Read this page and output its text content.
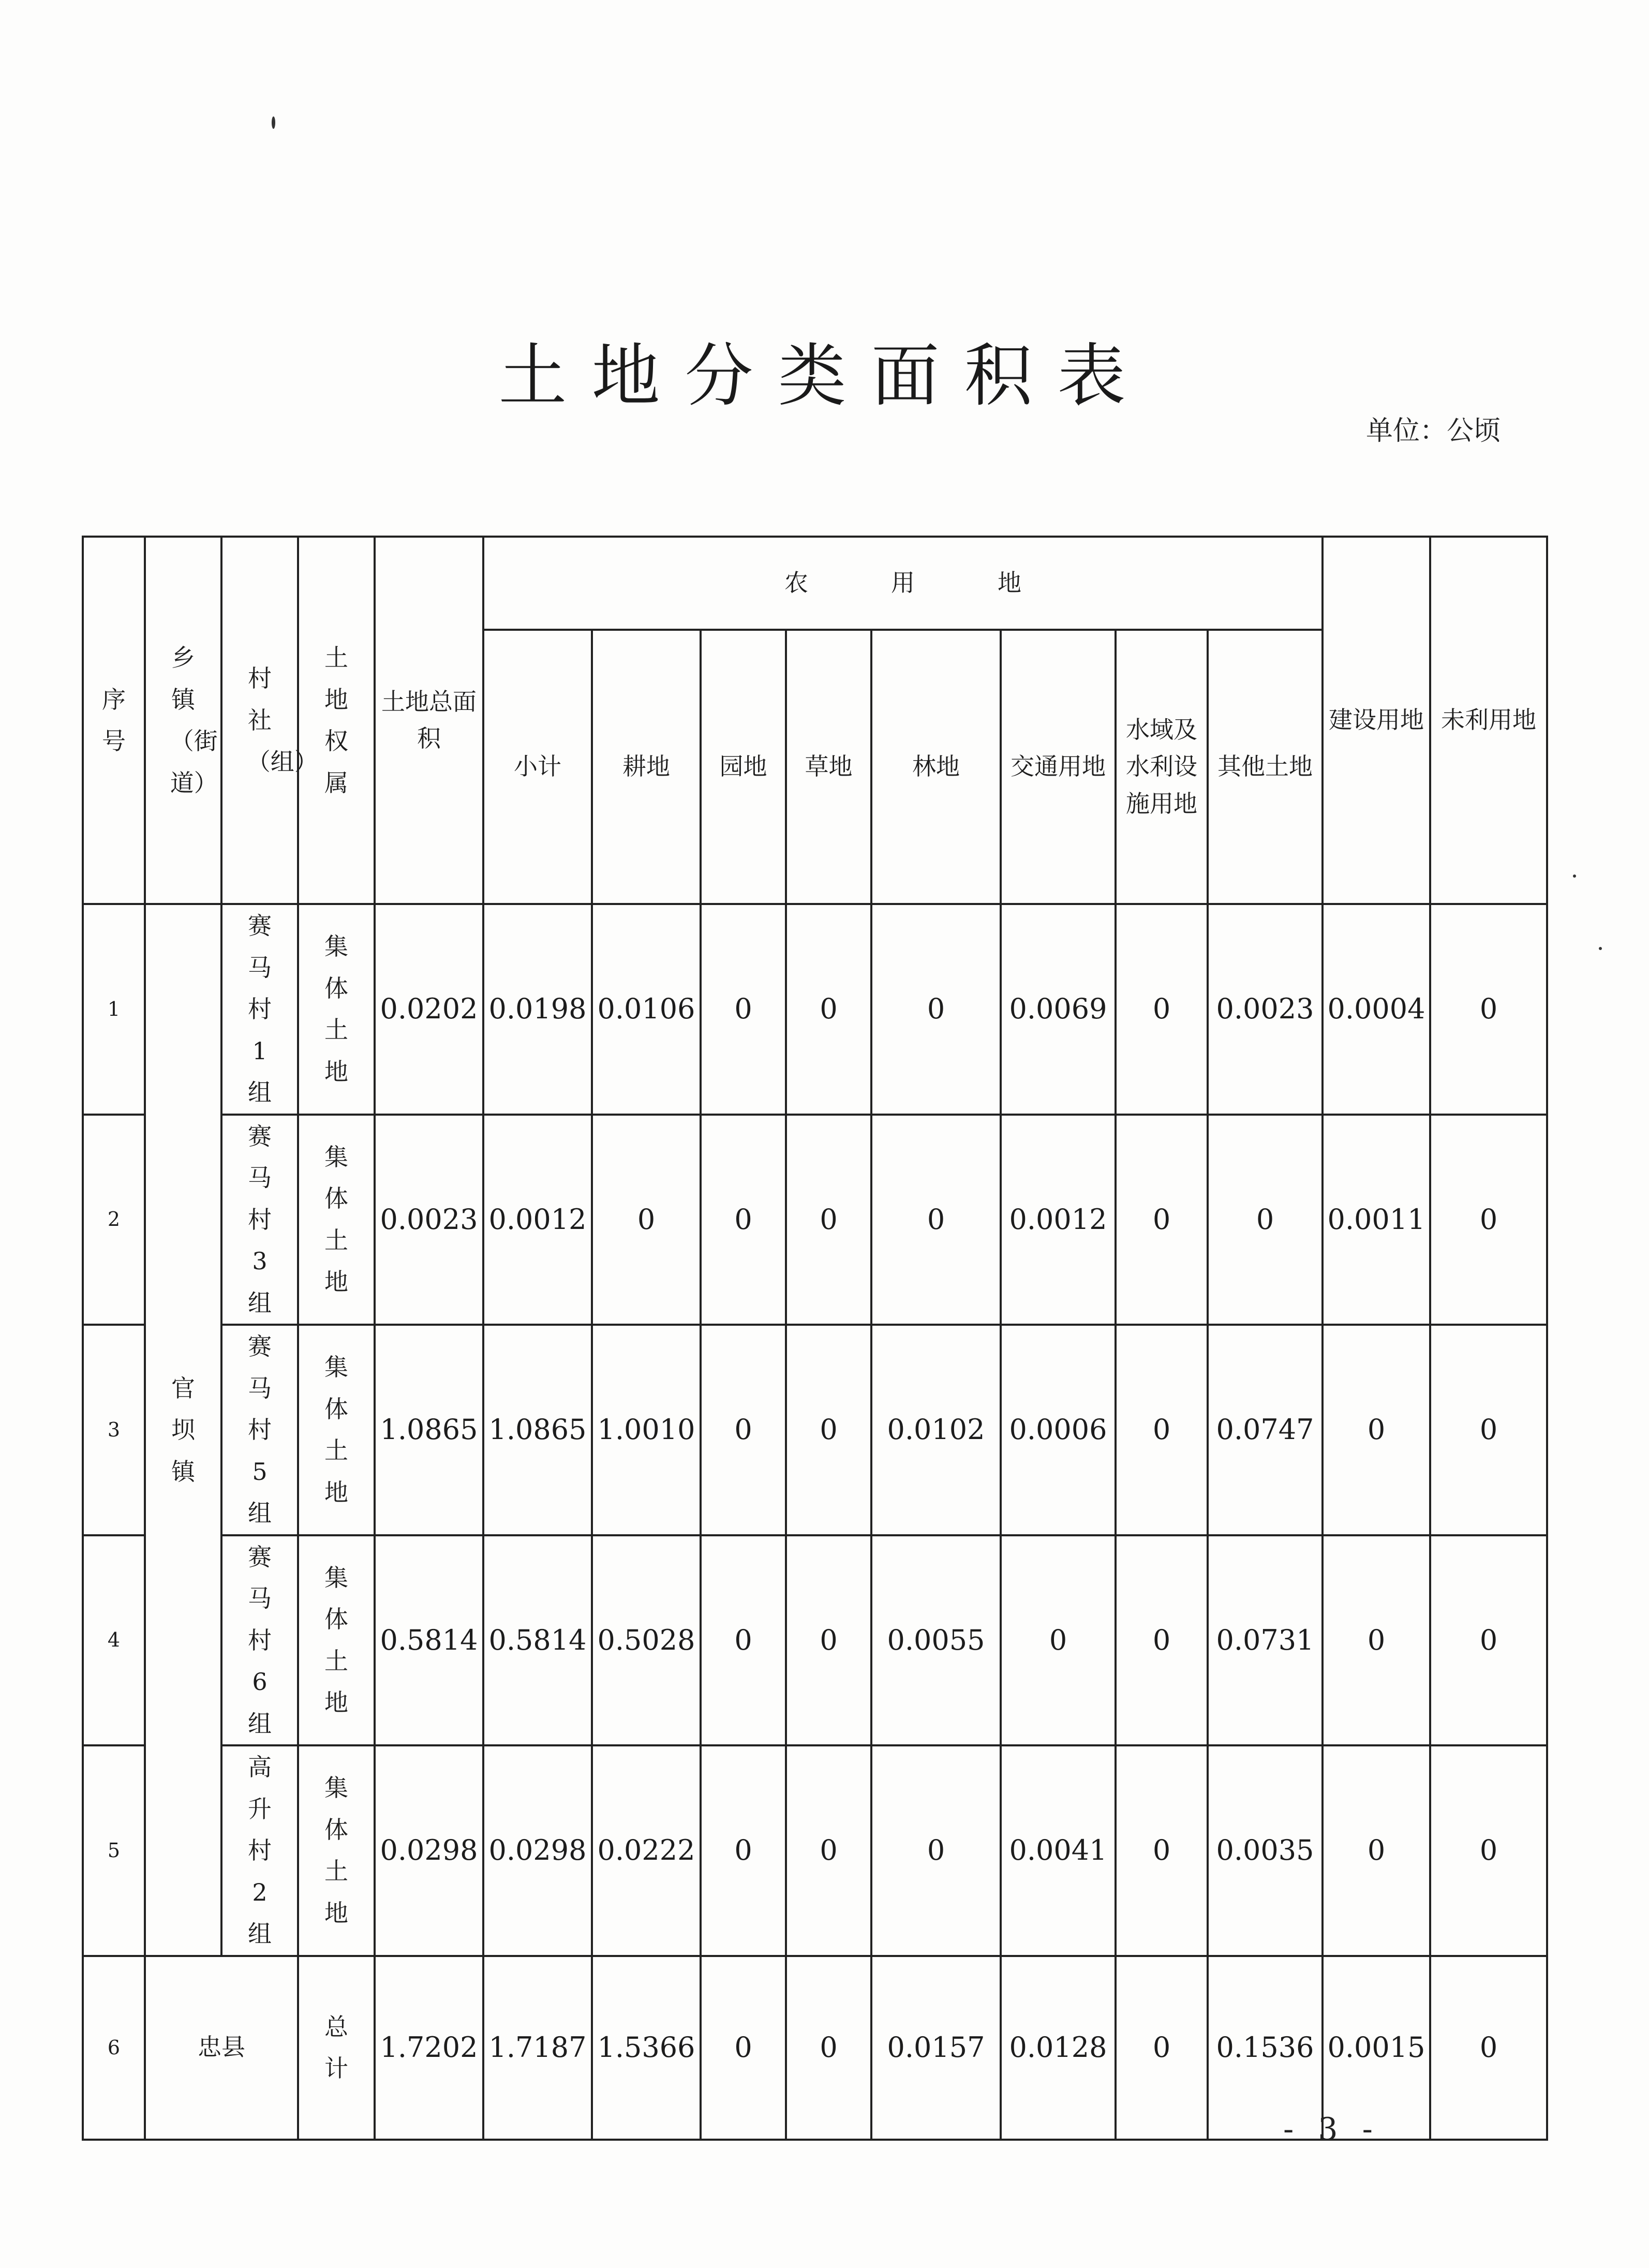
土地分类面积表
单位：公顷
序号	乡镇（街道）	村社（组）	土地权属	土地总面积	农用地								建设用地	未利用地
					小计	耕地	园地	草地	林地	交通用地	水域及水利设施用地	其他土地		
1	官坝镇	赛马村1组	集体土地	0.0202	0.0198	0.0106	0	0	0	0.0069	0	0.0023	0.0004	0
2		赛马村3组	集体土地	0.0023	0.0012	0	0	0	0	0.0012	0	0	0.0011	0
3		赛马村5组	集体土地	1.0865	1.0865	1.0010	0	0	0.0102	0.0006	0	0.0747	0	0
4		赛马村6组	集体土地	0.5814	0.5814	0.5028	0	0	0.0055	0	0	0.0731	0	0
5		高升村2组	集体土地	0.0298	0.0298	0.0222	0	0	0	0.0041	0	0.0035	0	0
6	忠县		总计	1.7202	1.7187	1.5366	0	0	0.0157	0.0128	0	0.1536	0.0015	0
- 3 -
